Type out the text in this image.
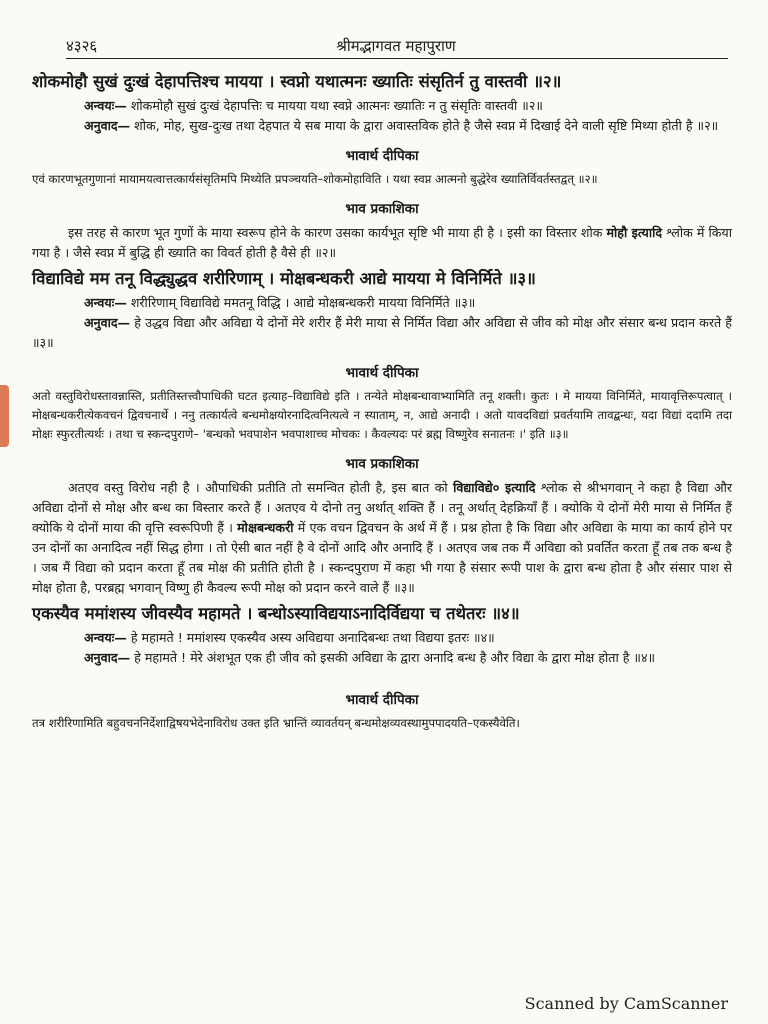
४३२६	श्रीमद्भागवत महापुराण
शोकमोहौ सुखं दुःखं देहापत्तिश्च मायया । स्वप्नो यथात्मनः ख्यातिः संसृतिर्न तु वास्तवी ॥२॥

अन्वयः— शोकमोहौ सुखं दुःखं देहापत्तिः च मायया यथा स्वप्ने आत्मनः ख्यातिः न तु संसृतिः वास्तवी ॥२॥

अनुवाद— शोक, मोह, सुख-दुःख तथा देहपात ये सब माया के द्वारा अवास्तविक होते है जैसे स्वप्न में दिखाई देने वाली सृष्टि मिथ्या होती है ॥२॥

भावार्थ दीपिका

एवं कारणभूतगुणानां मायामयत्वात्तत्कार्यसंसृतिमपि मिथ्येति प्रपञ्चयति–शोकमोहाविति । यथा स्वप्न आत्मनो बुद्धेरेव ख्यातिर्विवर्तस्तद्वत् ॥२॥

भाव प्रकाशिका

इस तरह से कारण भूत गुणों के माया स्वरूप होने के कारण उसका कार्यभूत सृष्टि भी माया ही है । इसी का विस्तार शोक मोहौ इत्यादि श्लोक में किया गया है । जैसे स्वप्न में बुद्धि ही ख्याति का विवर्त होती है वैसे ही ॥२॥

विद्याविद्ये मम तनू विद्ध्युद्धव शरीरिणाम् । मोक्षबन्धकरी आद्ये मायया मे विनिर्मिते ॥३॥

अन्वयः— शरीरिणाम् विद्याविद्ये ममतनू विद्धि । आद्ये मोक्षबन्धकरी मायया विनिर्मिते ॥३॥

अनुवाद— हे उद्धव विद्या और अविद्या ये दोनों मेरे शरीर हैं मेरी माया से निर्मित विद्या और अविद्या से जीव को मोक्ष और संसार बन्ध प्रदान करते हैं ॥३॥

भावार्थ दीपिका

अतो वस्तुविरोधस्तावन्नास्ति, प्रतीतिस्तत्त्वौपाधिकी घटत इत्याह–विद्याविद्ये इति । तन्येते मोक्षबन्धावाभ्यामिति तनू शक्ती। कुतः । मे मायया विनिर्मिते, मायावृत्तिरूपत्वात् । मोक्षबन्धकरीत्येकवचनं द्विवचनार्थे । ननु तत्कार्यत्वे बन्धमोक्षयोरनादित्वनित्यत्वे न स्याताम्, न, आद्ये अनादी । अतो यावदविद्यां प्रवर्तयामि तावद्बन्धः, यदा विद्यां ददामि तदा मोक्षः स्फुरतीत्यर्थः । तथा च स्कन्दपुराणे– 'बन्धको भवपाशेन भवपाशाच्च मोचकः । कैवल्यदः परं ब्रह्म विष्णुरेव सनातनः ।' इति ॥३॥

भाव प्रकाशिका

अतएव वस्तु विरोध नही है । औपाधिकी प्रतीति तो समन्वित होती है, इस बात को विद्याविद्ये० इत्यादि श्लोक से श्रीभगवान् ने कहा है विद्या और अविद्या दोनों से मोक्ष और बन्ध का विस्तार करते हैं । अतएव ये दोनो तनु अर्थात् शक्ति हैं । तनू अर्थात् देहक्रियाँ हैं । क्योकि ये दोनों मेरी माया से निर्मित हैं क्योकि ये दोनों माया की वृत्ति स्वरूपिणी हैं । मोक्षबन्धकरी में एक वचन द्विवचन के अर्थ में हैं । प्रश्न होता है कि विद्या और अविद्या के माया का कार्य होने पर उन दोनों का अनादित्व नहीं सिद्ध होगा । तो ऐसी बात नहीं है वे दोनों आदि और अनादि हैं । अतएव जब तक मैं अविद्या को प्रवर्तित करता हूँ तब तक बन्ध है । जब मैं विद्या को प्रदान करता हूँ तब मोक्ष की प्रतीति होती है । स्कन्दपुराण में कहा भी गया है संसार रूपी पाश के द्वारा बन्ध होता है और संसार पाश से मोक्ष होता है, परब्रह्म भगवान् विष्णु ही कैवल्य रूपी मोक्ष को प्रदान करने वाले हैं ॥३॥

एकस्यैव ममांशस्य जीवस्यैव महामते । बन्धोऽस्याविद्ययाऽनादिर्विद्यया च तथेतरः ॥४॥

अन्वयः— हे महामते ! ममांशस्य एकस्यैव अस्य अविद्यया अनादिबन्धः तथा विद्यया इतरः ॥४॥

अनुवाद— हे महामते ! मेरे अंशभूत एक ही जीव को इसकी अविद्या के द्वारा अनादि बन्ध है और विद्या के द्वारा मोक्ष होता है ॥४॥

भावार्थ दीपिका

तत्र शरीरिणामिति बहुवचननिर्देशाद्विषयभेदेनाविरोध उक्त इति भ्रान्तिं व्यावर्तयन् बन्धमोक्षव्यवस्थामुपपादयति–एकस्यैवेति।

Scanned by CamScanner
